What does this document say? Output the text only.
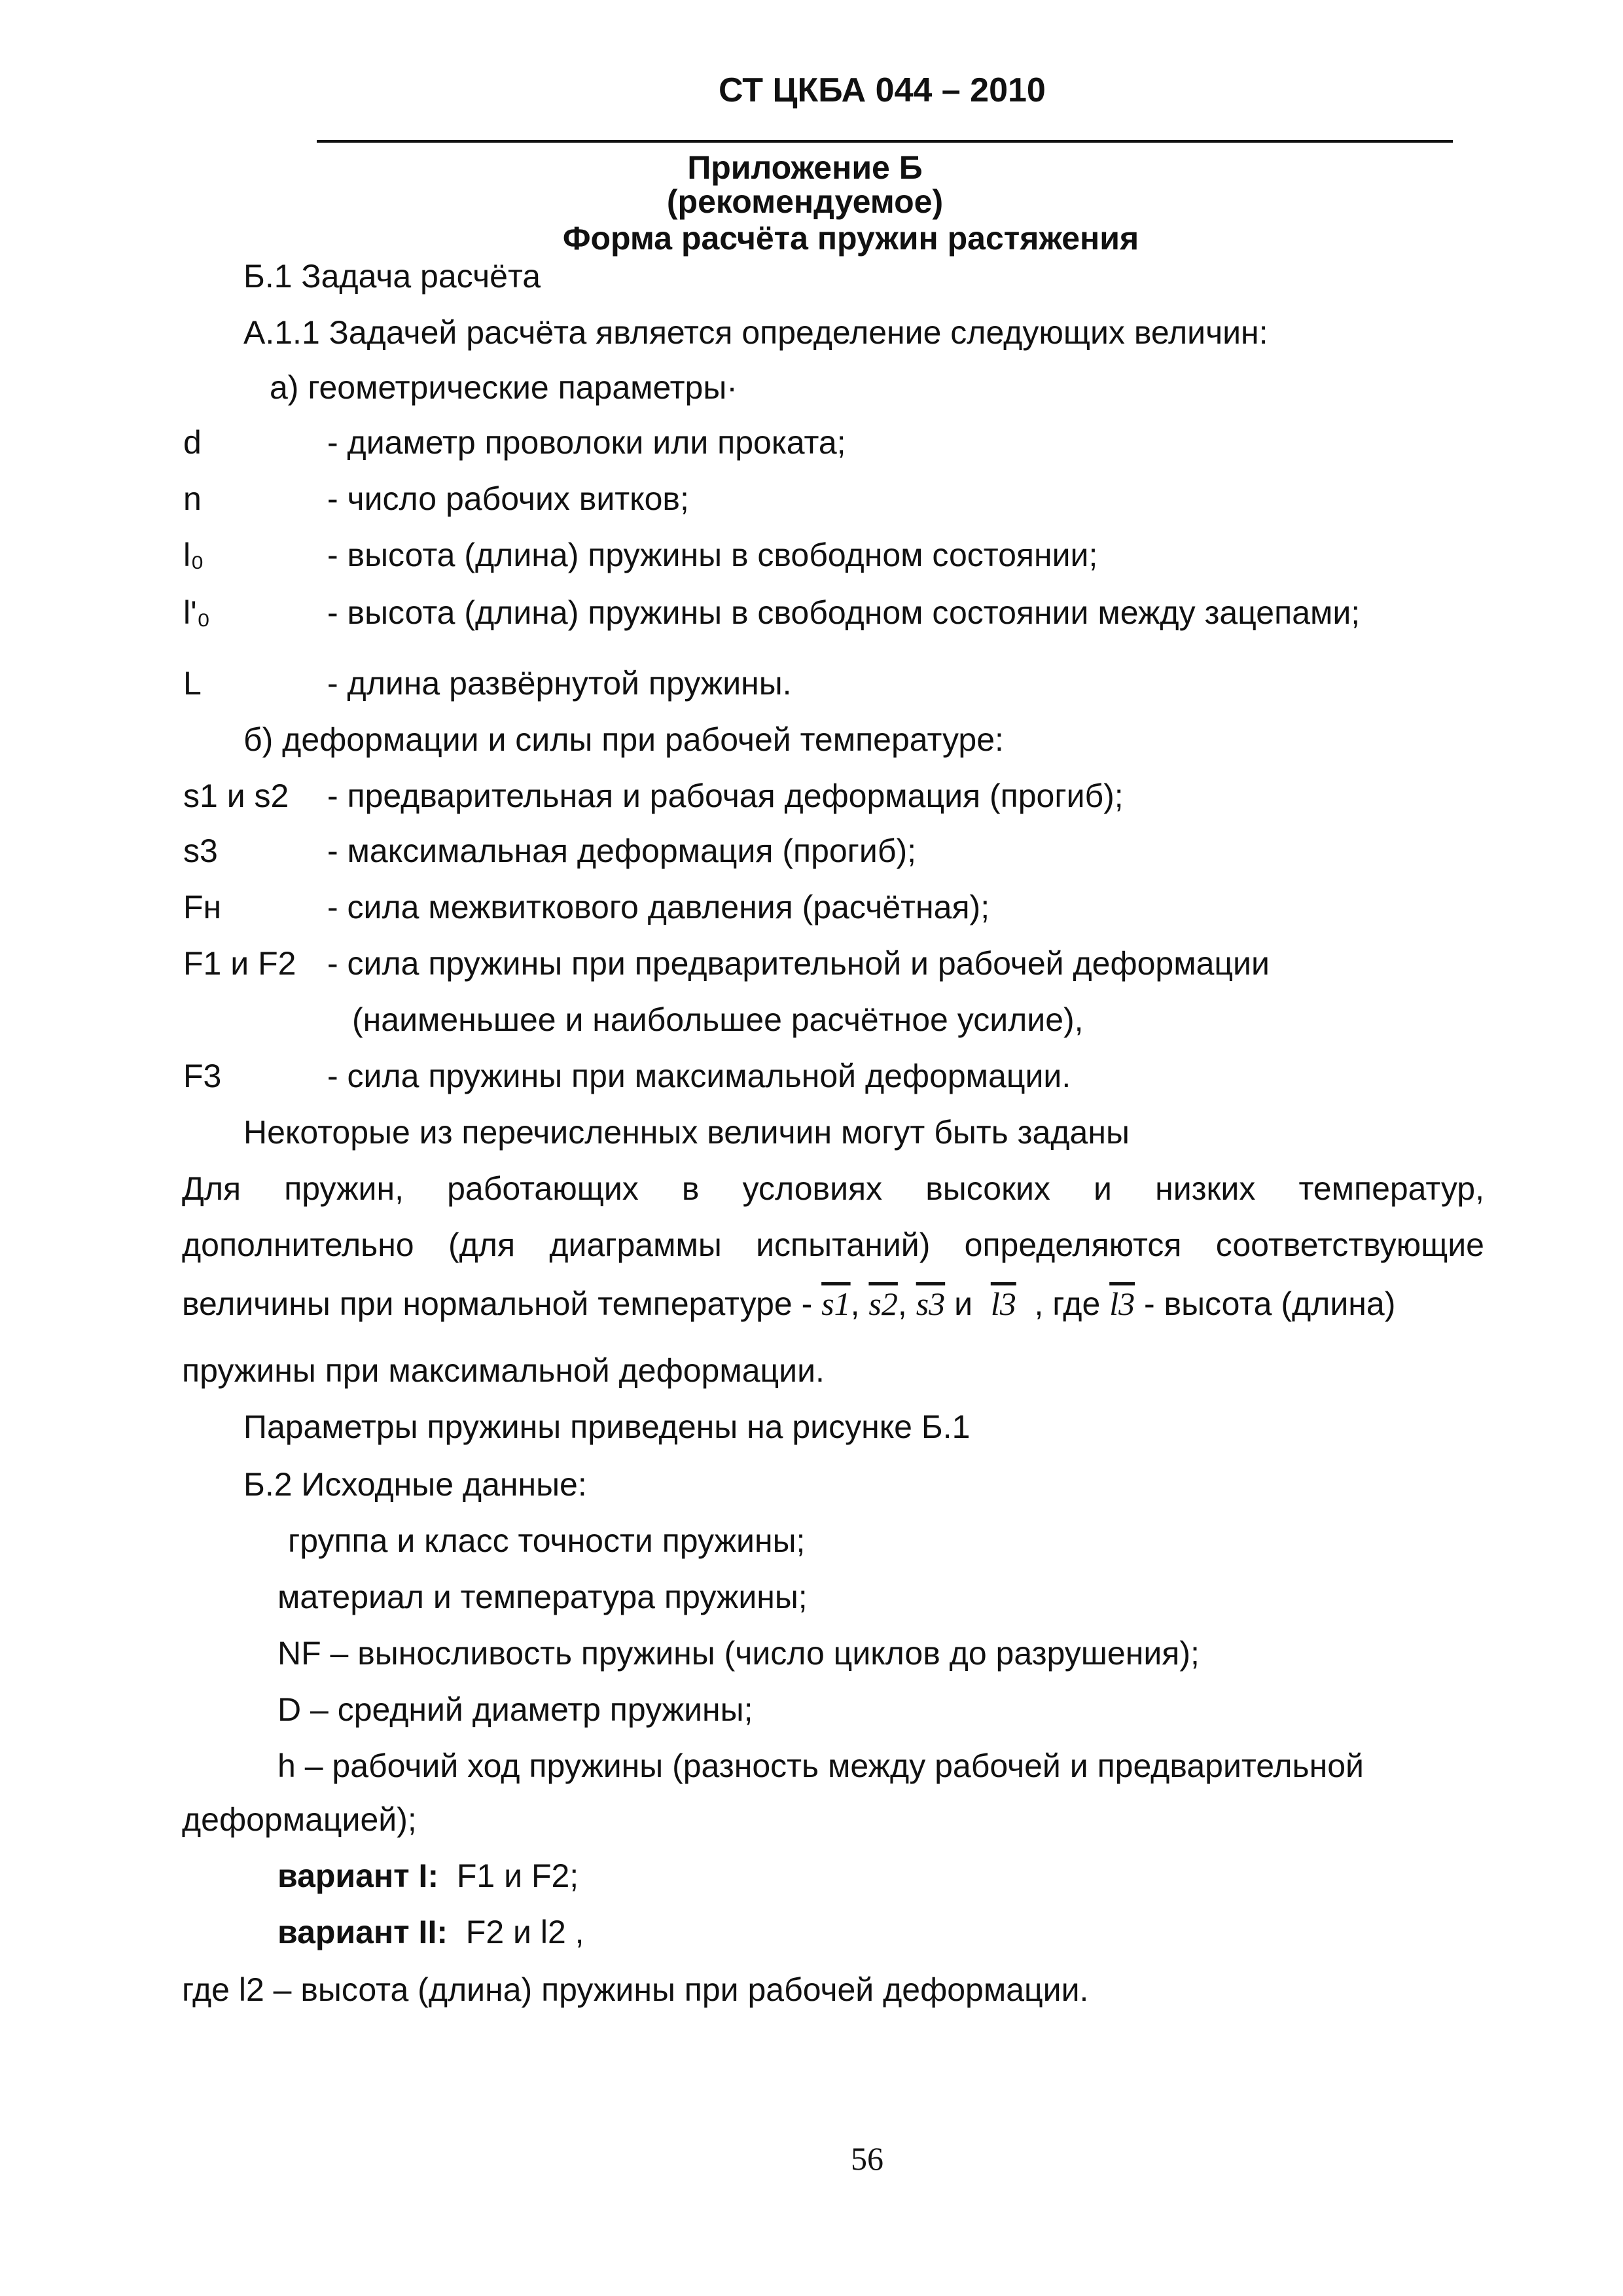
СТ ЦКБА 044 – 2010
Приложение Б
(рекомендуемое)
Форма расчёта пружин растяжения
Б.1 Задача расчёта
А.1.1 Задачей расчёта является определение следующих величин:
а) геометрические параметры·
d	- диаметр проволоки или проката;
n	- число рабочих витков;
l₀	- высота (длина) пружины в свободном состоянии;
l'₀	- высота (длина) пружины в свободном состоянии между зацепами;
L	- длина развёрнутой пружины.
б) деформации и силы при рабочей температуре:
s1 и s2 - предварительная и рабочая деформация (прогиб);
s3	- максимальная деформация (прогиб);
Fн	- сила межвиткового давления (расчётная);
F1 и F2 - сила пружины при предварительной и рабочей деформации
(наименьшее и наибольшее расчётное усилие),
F3	- сила пружины при максимальной деформации.
Некоторые из перечисленных величин могут быть заданы
Для пружин, работающих в условиях высоких и низких температур,
дополнительно (для диаграммы испытаний) определяются соответствующие
величины при нормальной температуре - s1, s2, s3 и l3 , где l3 - высота (длина)
пружины при максимальной деформации.
Параметры пружины приведены на рисунке Б.1
Б.2 Исходные данные:
группа и класс точности пружины;
материал и температура пружины;
NF – выносливость пружины (число циклов до разрушения);
D – средний диаметр пружины;
h – рабочий ход пружины (разность между рабочей и предварительной
деформацией);
вариант I: F1 и F2;
вариант II: F2 и l2 ,
где l2 – высота (длина) пружины при рабочей деформации.
56
